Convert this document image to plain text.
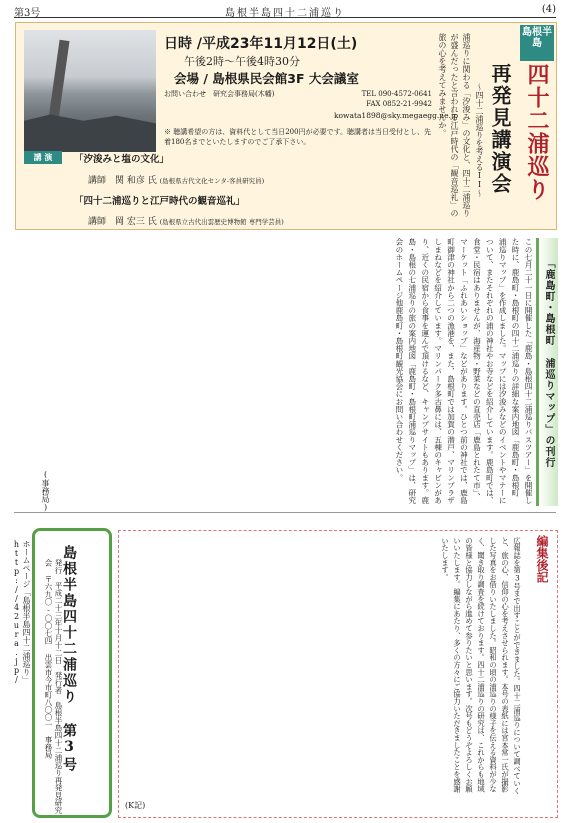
第3号	島根半島四十二浦巡り	(4)
日時 /平成23年11月12日(土)
午後2時〜午後4時30分
会場 / 島根県民会館3F 大会議室
お問い合わせ　研究会事務局(木幡)	TEL 090-4572-0641
FAX 0852-21-9942
kowata1898@sky.megaegg.ne.jp
※ 聴講希望の方は、資料代として当日200円が必要です。聴講者は当日受付とし、先着180名までといたしますのでご了承下さい。
講 演	「汐浚みと塩の文化」
講師　関 和彦 氏 (島根県古代文化センタ-客員研究員)
「四十二浦巡りと江戸時代の観音巡礼」
講師　岡 宏三 氏 (島根県立古代出雲歴史博物館 専門学芸員)
浦巡りに関わる「汐浚み」の文化と、四十二浦巡りが盛んだったと言われる江戸時代の「観音巡礼」の旅の心を考えてみませんか。	〜四十二浦巡りを考えるII〜 再発見講演会 四十二浦巡り
島根半島
この七月二十一日に開催した「鹿島・島根四十二浦巡りバスツアー」を開催した時に、鹿島町・島根町の四十二浦巡りの詳細な案内地図「鹿島町・島根町 浦巡りマップ」を作成しました。マップには汐浚みなどのイベントやマナーについて、またそれぞれの浦の神社やお寺などを紹介しています。鹿島町では、食堂・民宿はありませんが、海産物・野菜などの直売店「鹿島とれたて市」、マーケット「ふれあいショップ」などがあります。ひとつ前の神社では、鹿島町御津の神社から二つの漁港を、また、島根町では加賀の潜戸、マリンプラザしまねなどを紹介しています。マリンパーク多古鼻には、五棟のキャビンがあり、近くの民宿から食事を運んで頂けるなど、キャンプサイトもあります。鹿島・島根の七浦巡りの旅の案内地図「鹿島町・島根町浦巡りマップ」は、研究会のホームページ他鹿島町・島根町観光協会にお問い合わせください。
(事務局)
「鹿島町・島根町 浦巡りマップ」の刊行
ホームページ「島根半島四十二浦巡り」 http://42ura.jp/	島根半島四十二浦巡り 第3号
発行　平成二十三年十月十二日　発行者　島根半島四十二浦巡り再発見研究会 〒六九〇-〇〇七四 出雲市今市町八〇〇一　事務局
編集後記
広報誌を第3号まで出すことができました。四十二浦巡りについて調べていくと、旅の心、信仰の心を考えさせられます。本号の表紙には宮本常一氏が撮影した写真をお借りいたしました。昭和の頃の浦巡りの様子を伝える資料が少なく、聞き取り調査を続けております。四十二浦巡りの研究は、これからも地域の皆様と協力しながら進めて参りたいと思います。次号もどうぞよろしくお願いいたします。編集にあたり、多くの方々にご協力いただきましたことを感謝いたします。
(K記)
